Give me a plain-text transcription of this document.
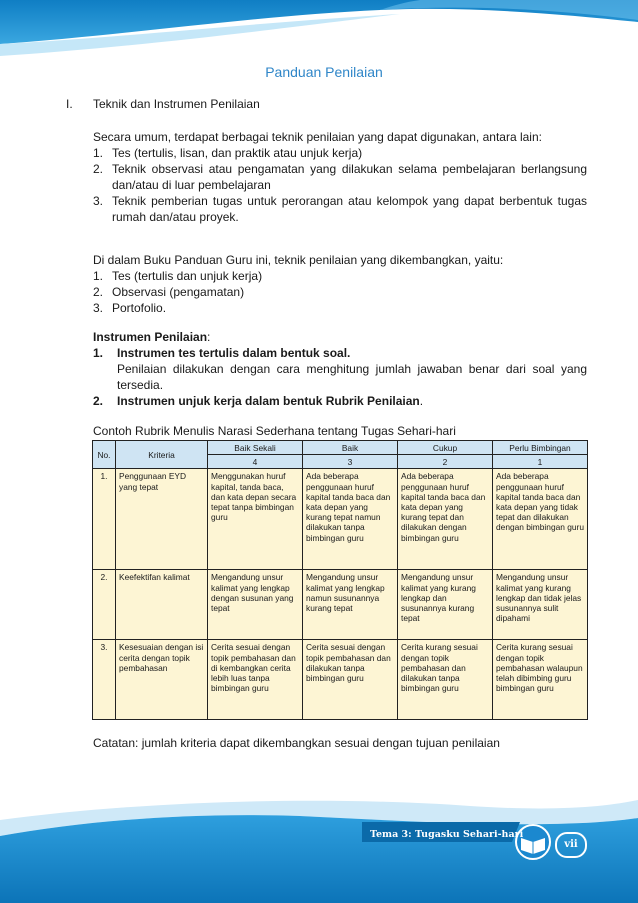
Panduan Penilaian
I. Teknik dan Instrumen Penilaian

Secara umum, terdapat berbagai teknik penilaian yang dapat digunakan, antara lain:

1. Tes (tertulis, lisan, dan praktik atau unjuk kerja)
2. Teknik observasi atau pengamatan yang dilakukan selama pembelajaran berlangsung dan/atau di luar pembelajaran
3. Teknik pemberian tugas untuk perorangan atau kelompok yang dapat berbentuk tugas rumah dan/atau proyek.

Di dalam Buku Panduan Guru ini, teknik penilaian yang dikembangkan, yaitu:

1. Tes (tertulis dan unjuk kerja)
2. Observasi (pengamatan)
3. Portofolio.

Instrumen Penilaian:

1. Instrumen tes tertulis dalam bentuk soal.
Penilaian dilakukan dengan cara menghitung jumlah jawaban benar dari soal yang tersedia.
2. Instrumen unjuk kerja dalam bentuk Rubrik Penilaian.
Contoh Rubrik Menulis Narasi Sederhana tentang Tugas Sehari-hari
No.	Kriteria	Baik Sekali	Baik	Cukup	Perlu Bimbingan
		4	3	2	1
1.	Penggunaan EYD yang tepat	Menggunakan huruf kapital, tanda baca, dan kata depan secara tepat tanpa bimbingan guru	Ada beberapa penggunaan huruf kapital tanda baca dan kata depan yang kurang tepat namun dilakukan tanpa bimbingan guru	Ada beberapa penggunaan huruf kapital tanda baca dan kata depan yang kurang tepat dan dilakukan dengan bimbingan guru	Ada beberapa penggunaan huruf kapital tanda baca dan kata depan yang tidak tepat dan dilakukan dengan bimbingan guru
2.	Keefektifan kalimat	Mengandung unsur kalimat yang lengkap dengan susunan yang tepat	Mengandung unsur kalimat yang lengkap namun susunannya kurang tepat	Mengandung unsur kalimat yang kurang lengkap dan susunannya kurang tepat	Mengandung unsur kalimat yang kurang lengkap dan tidak jelas susunannya sulit dipahami
3.	Kesesuaian dengan isi cerita dengan topik pembahasan	Cerita sesuai dengan topik pembahasan dan di kembangkan cerita lebih luas tanpa bimbingan guru	Cerita sesuai dengan topik pembahasan dan dilakukan tanpa bimbingan guru	Cerita kurang sesuai dengan topik pembahasan dan dilakukan tanpa bimbingan guru	Cerita kurang sesuai dengan topik pembahasan walaupun telah dibimbing guru bimbingan guru
Catatan: jumlah kriteria dapat dikembangkan sesuai dengan tujuan penilaian
Tema 3: Tugasku Sehari-hari
vii
